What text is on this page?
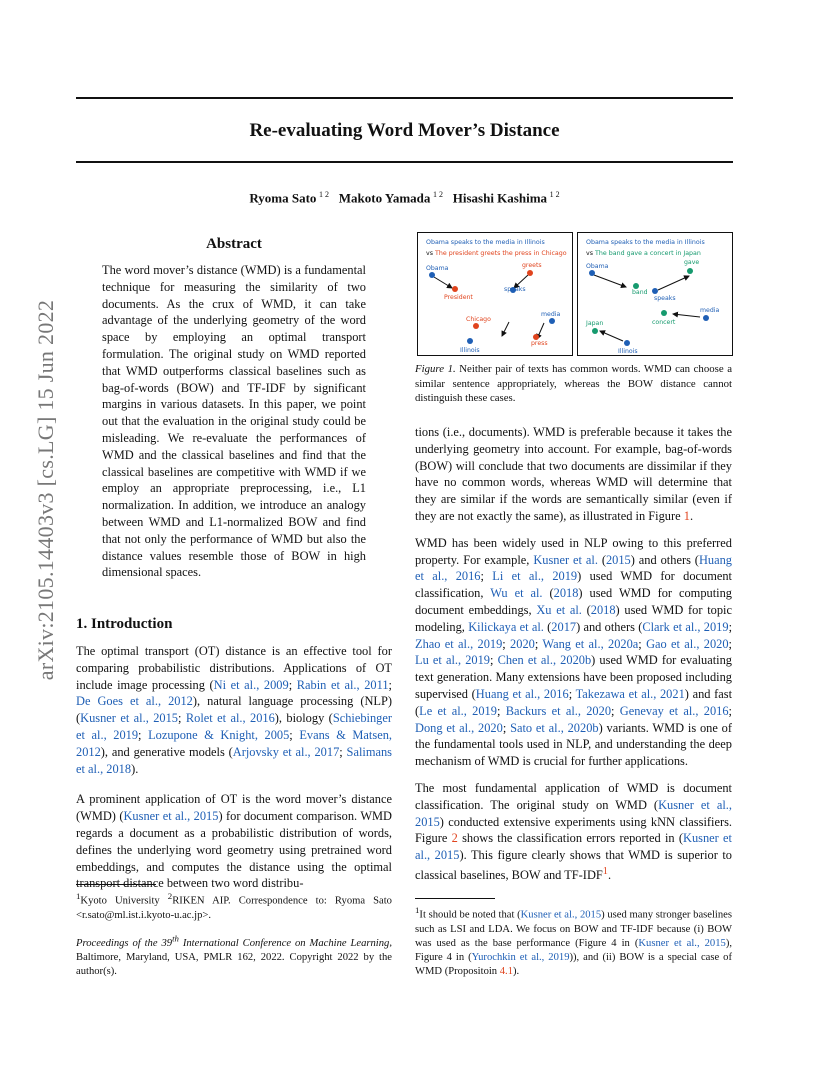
Re-evaluating Word Mover’s Distance
Ryoma Sato  $^{1 2}$ Makoto Yamada  $^{1 2}$ Hisashi Kashima  $^{1 2}$
arXiv:2105.14403v3 [cs.LG] 15 Jun 2022
Abstract
The word mover’s distance (WMD) is a fundamental technique for measuring the similarity of two documents. As the crux of WMD, it can take advantage of the underlying geometry of the word space by employing an optimal transport formulation. The original study on WMD reported that WMD outperforms classical baselines such as bag-of-words (BOW) and TF-IDF by significant margins in various datasets. In this paper, we point out that the evaluation in the original study could be misleading. We re-evaluate the performances of WMD and the classical baselines and find that the classical baselines are competitive with WMD if we employ an appropriate preprocessing, i.e., L1 normalization. In addition, we introduce an analogy between WMD and L1-normalized BOW and find that not only the performance of WMD but also the distance values resemble those of BOW in high dimensional spaces.
1. Introduction

The optimal transport (OT) distance is an effective tool for comparing probabilistic distributions. Applications of OT include image processing (Ni et al., 2009; Rabin et al., 2011; De Goes et al., 2012), natural language processing (NLP) (Kusner et al., 2015; Rolet et al., 2016), biology (Schiebinger et al., 2019; Lozupone & Knight, 2005; Evans & Matsen, 2012), and generative models (Arjovsky et al., 2017; Salimans et al., 2018).

A prominent application of OT is the word mover’s distance (WMD) (Kusner et al., 2015) for document comparison. WMD regards a document as a probabilistic distribution of words, defines the underlying word geometry using pretrained word embeddings, and computes the distance using the optimal transport distance between two word distribu-

$^1$Kyoto University $^2$RIKEN AIP. Correspondence to: Ryoma Sato <r.sato@ml.ist.i.kyoto-u.ac.jp>.
Proceedings of the 39th International Conference on Machine Learning, Baltimore, Maryland, USA, PMLR 162, 2022. Copyright 2022 by the author(s).
Obama speaks to the media in Illinois
vs The president greets the press in Chicago
Obama
President
greets
speaks
Chicago
media
Illinois
press
Obama speaks to the media in Illinois
vs The band gave a concert in Japan
Obama
gave
band
speaks
Japan	concert
media
Illinois
Figure 1. Neither pair of texts has common words. WMD can choose a similar sentence appropriately, whereas the BOW distance cannot distinguish these cases.

tions (i.e., documents). WMD is preferable because it takes the underlying geometry into account. For example, bag-of-words (BOW) will conclude that two documents are dissimilar if they have no common words, whereas WMD will determine that they are similar if the words are semantically similar (even if they are not exactly the same), as illustrated in Figure 1.

WMD has been widely used in NLP owing to this preferred property. For example, Kusner et al. (2015) and others (Huang et al., 2016; Li et al., 2019) used WMD for document classification, Wu et al. (2018) used WMD for computing document embeddings, Xu et al. (2018) used WMD for topic modeling, Kilickaya et al. (2017) and others (Clark et al., 2019; Zhao et al., 2019; 2020; Wang et al., 2020a; Gao et al., 2020; Lu et al., 2019; Chen et al., 2020b) used WMD for evaluating text generation. Many extensions have been proposed including supervised (Huang et al., 2016; Takezawa et al., 2021) and fast (Le et al., 2019; Backurs et al., 2020; Genevay et al., 2016; Dong et al., 2020; Sato et al., 2020b) variants. WMD is one of the fundamental tools used in NLP, and understanding the deep mechanism of WMD is crucial for further applications.

The most fundamental application of WMD is document classification. The original study on WMD (Kusner et al., 2015) conducted extensive experiments using kNN classifiers. Figure 2 shows the classification errors reported in (Kusner et al., 2015). This figure clearly shows that WMD is superior to classical baselines, BOW and TF-IDF$^1$.

$^1$It should be noted that (Kusner et al., 2015) used many stronger baselines such as LSI and LDA. We focus on BOW and TF-IDF because (i) BOW was used as the base performance (Figure 4 in (Kusner et al., 2015), Figure 4 in (Yurochkin et al., 2019)), and (ii) BOW is a special case of WMD (Propositoin 4.1).
